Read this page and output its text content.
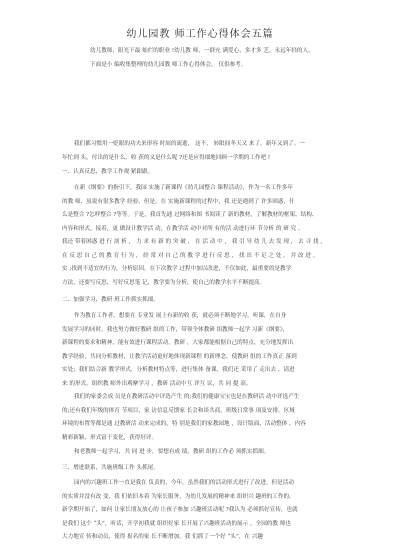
幼儿园教 师工作心得体会五篇
幼儿教师，阳光下最 灿烂的职业 !幼儿教 师，一群充 满爱心，多才多 艺，永远年轻的人，
下面是小 编收集整理的幼儿园教 师工作心得体会， 仅供参考。
我们都习惯用一贬眼的功夫来形容 时间的流逝， 这不， 转眼间冬天又 来了，新年又到了。一
年忙到 头，付出的是什么，收 获的又是什么呢 ?还是应得细地回顾一学期的工作吧 !
一、认真反思，教学工作观 紧跟跟。
在新《纲要》的指引下，我园 实施了新课程《幼儿园整合 课程活动》，作为一名工作多年
的教 师，虽说有很多教学 经验，但是，在 实施新课程的过程中，我 还是遇到了 许多困惑，什
么是整合 ?怎样整合 ?等等。于是，我首先通 过网络和图 书阅读了 新的教材，了解教材的框架、结构、
内容和形式，接着，更 做设计教学活 动，在教学活 动中对所 有的活 动进行环 节分析 的 研 究 ，
我还 带着困惑 进 行 剖 析 ， 力 求 有 新 的 突 破 ， 在 活 动 中 ， 我 引 导 幼 儿 去 发 现 ， 去 寻 找 ，
在 反 思 自 己 的 教 育 行 为 ， 经 常 对 自 己 的 教 学 进 行 反 思 ， 找 出 不 足 之 处 ， 并 改 进 。
实 ;找到不适宜的行为，分析原因，在下次教学 过程中加以改进，不仅如此，最重要的是教学
方法，还要写反思，写好反思笔 记，教学要为分析，使自己的教学水平不断提高。
二、加强学习，教研 班工作抓实抓细。
作为教育工作者，想要在 专业发 展上有新的收 获，就必须不断地学习，听课，在自身
发展学习的同时，我也努力做好教研 组的工作，带领全体教研 组教师一起学 习新《纲要》，
新课程的要求和精神，能有效进行课程活动，教研 ，大家都能根据自己的特点，充分地发挥出
教学经验，共同分析教材，让教学活动更好地体现新课程 的新理念，使教研 组的工作真正 落到
实处；我们结合新 教学形式，分析教材特点等，进行集体 备课，我们还 采用了 走出去 ，请进
来 的形式，组织教 师外出观摩学习 ，教研 活动中互 评互 议，共 同 提 高。
我们的家委会成 员是在教研活动中评选产生 的;我们的健康宝宝也是在教研活 动中评选产生
的;还有我们年级的体育 节项目，家 访信息反馈家 长会和谈共商，班级日常事 项及安排，区域
环境的布置等都是通 过教研活 动来完成的，特 别是我们的家教园地 ，设计版面，活动整体 ，内容
精彩新颖，形式富于变化，获得好评。
和老教师一起学习，共 同 进 步，要想有成 绩，教研 组的工作必 须抓实抓细。
三、增进联系，共施班级工作 头抓尾。
园内的兴趣班工作一直是我在 负责的，今年，虽然我们的活动形式进行了改进，但是活动
的实质并没有改 变，我 们依旧本着 为家长服务，为幼儿发展的精神来 组织兴 趣班的工作的。
新学期开始了，如何 让家长朋友放心的 让孩子参加 兴趣班活动呢 ?我认为 必须抓好宣传，也就
是我们 这个 “头”，听话，开学初我就 组织好家 长开展了兴趣班活动的展示 ，全园的教 师也
大力地宣 传和动员，使得 报名的家 长不断增加。我 们抓了一个好 “头”，在 兴趣
